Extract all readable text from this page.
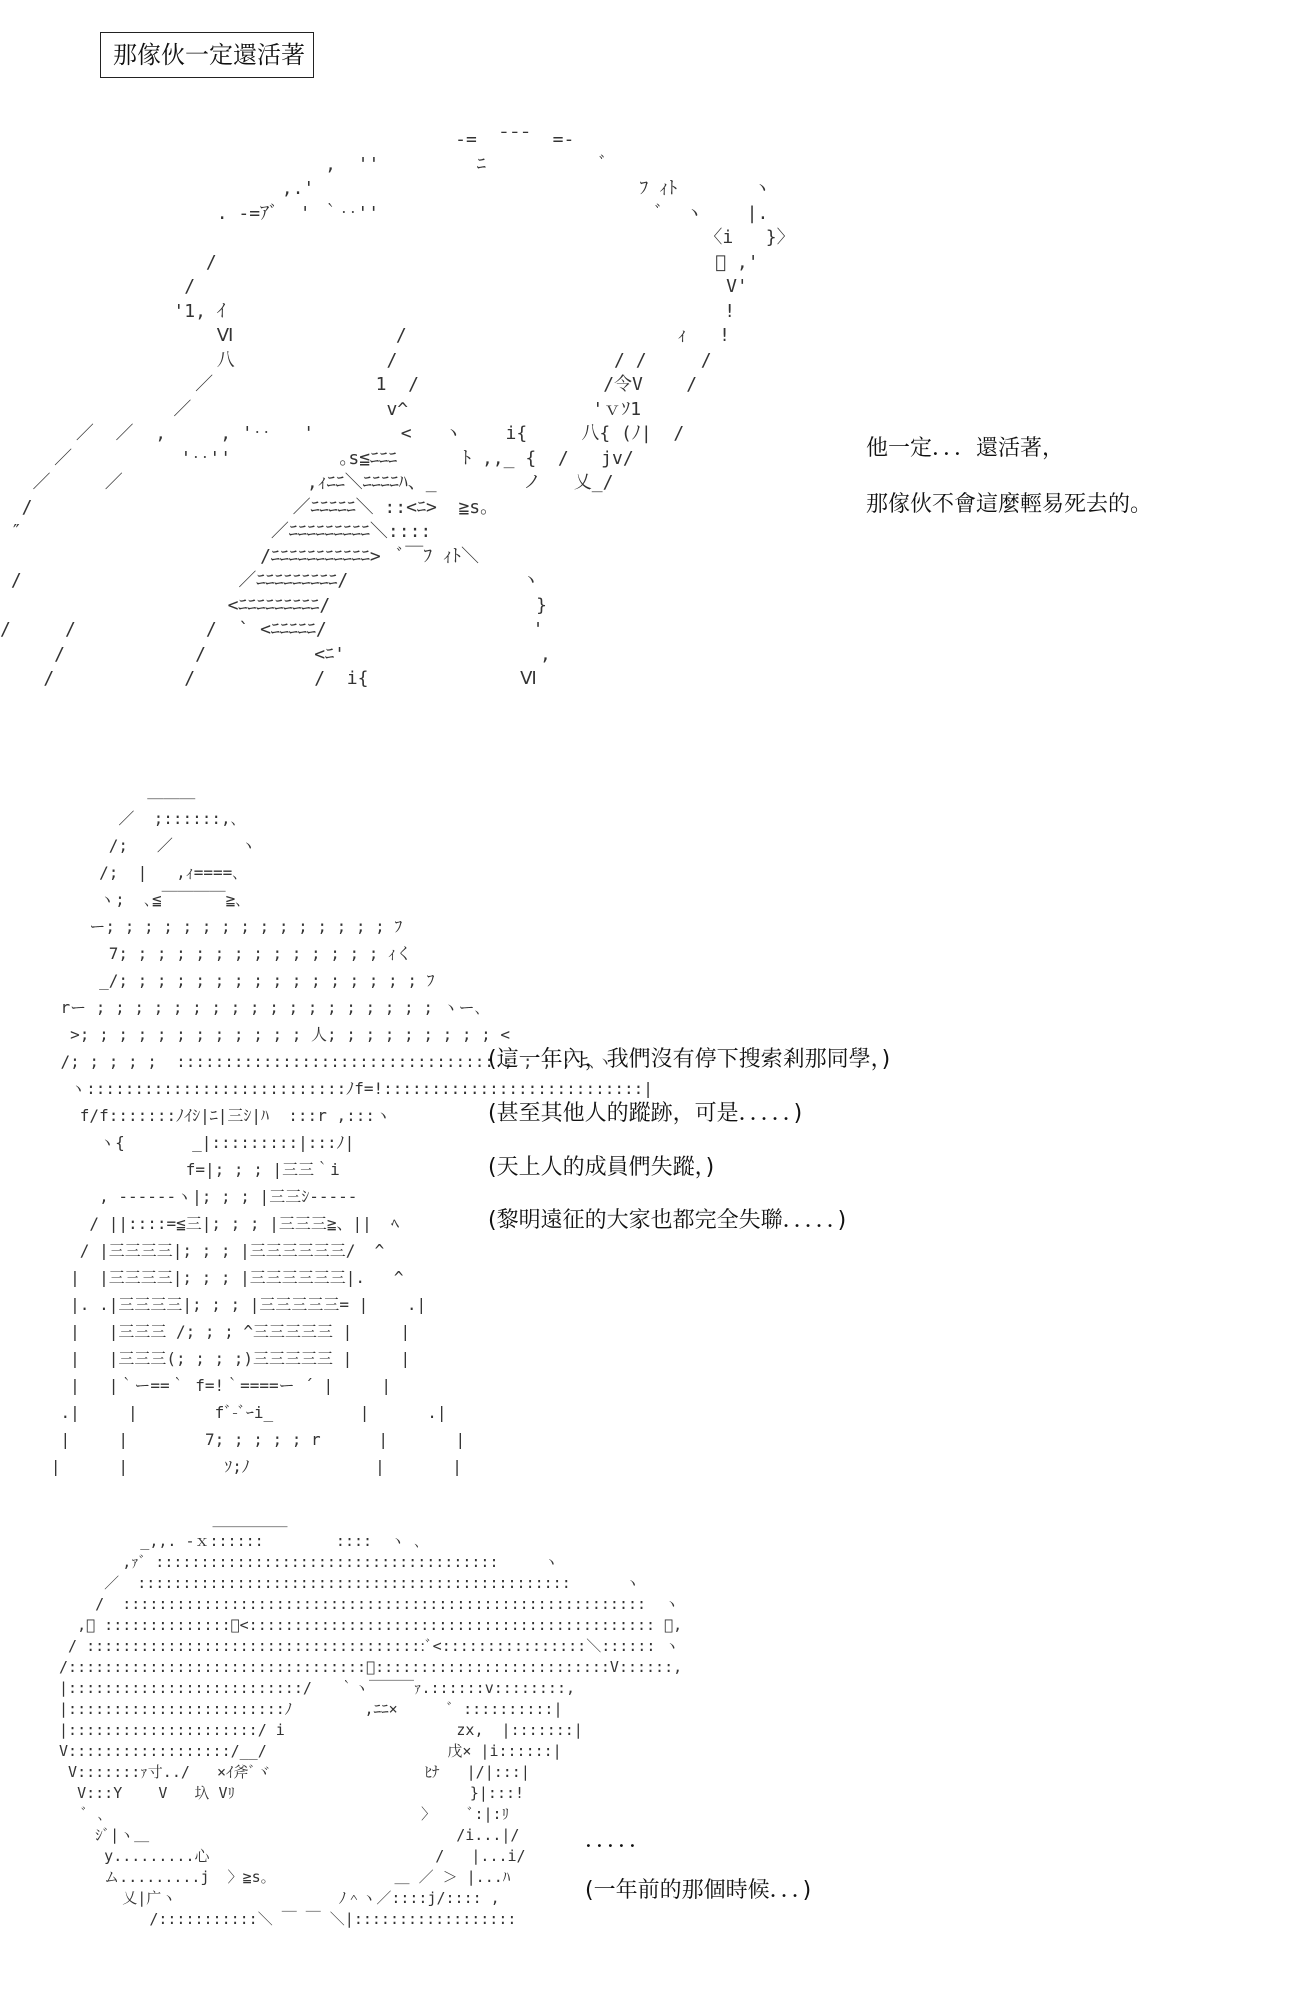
那傢伙一定還活著
-=  ̄ ̄ ̄   =-
,  ''         ﾆ           ﾞ
,.'                              ﾌ ｨﾄ       ヽ
. -=ｱﾞ  ' ｀‥''                          ﾞ  ヽ    |.
〈i   }〉
/                                              ﾞ ,'
/                                                 V'
'1, ｲ                                              !
Ⅵ               /                         ｨ   !
八              /                    / /     /
／               1  /                 /令V    /
／                  v^                 'ｖｿ1
／  ／  ,     , '‥   '        <   ヽ    i{     八{ (ﾉ|  /
／          '‥''          ｡s≦ﾆﾆﾆ      ﾄ ,,_ {  /   jv/
／     ／                 ,ｨﾆﾆ＼ﾆﾆﾆﾆﾊ、_        ノ   乂_/
/                        ／ﾆﾆﾆﾆﾆ＼ ::<ﾆ>  ≧s｡
″                       ／ﾆﾆﾆﾆﾆﾆﾆﾆﾆ＼::::
/ﾆﾆﾆﾆﾆﾆﾆﾆﾆﾆﾆ>  ﾞ￣ﾌ ｨﾄ＼
/                    ／ﾆﾆﾆﾆﾆﾆﾆﾆﾆ/                ヽ
<ﾆﾆﾆﾆﾆﾆﾆﾆﾆ/                   }
/     /            /  ` <ﾆﾆﾆﾆﾆ/                   '
/            /          <ﾆ'                  ,
/            /           /  i{              Ⅵ

＿＿＿
／  ;::::::,､
/;   ／       ヽ
/;  |   ,ｨ====､
ヽ;  ､≦￣￣￣￣≧､
ー; ; ; ; ; ; ; ; ; ; ; ; ; ; ; ﾌ
7; ; ; ; ; ; ; ; ; ; ; ; ; ; ｨく
_/; ; ; ; ; ; ; ; ; ; ; ; ; ; ; ; ﾌ
rー ; ; ; ; ; ; ; ; ; ; ; ; ; ; ; ; ; ; ヽー､
>; ; ; ; ; ; ; ; ; ; ; ; 人; ; ; ; ; ; ; ; ; <
/; ; ; ; ;  ::::::::::::::::::::::::::::::::: ; ; ; ; ﾆ､ヽ
ヽ:::::::::::::::::::::::::::ﾉf=!:::::::::::::::::::::::::::|
f/f:::::::ﾉｲｼ|ﾆ|三ｼ|ﾊ  :::r ,:::ヽ
ヽ{       _|:::::::::|:::ﾉ|
f=|; ; ; |三三｀i
, ------ヽ|; ; ; |三三ｼ-----
/ ||::::=≦三|; ; ; |三三三≧、||  ﾍ
/ |三三三三|; ; ; |三三三三三三/  ^
|  |三三三三|; ; ; |三三三三三三|.   ^
|. .|三三三三|; ; ; |三三三三三= |    .|
|   |三三三 /; ; ; ^三三三三三 |     |
|   |三三三(; ; ; ;)三三三三三 |     |
|   |｀ー==｀ f=!｀====ー ´ |     |
.|     |        fﾞ-ﾞｰi_         |      .|
|     |        7; ; ; ; ; r      |       |
|      |          ｿ;ﾉ             |       |

＿＿＿＿＿
_,,. -ｘ::::::        ::::  ヽ ､
,ｧﾞ ::::::::::::::::::::::::::::::::::::::     ヽ
／  ::::::::::::::::::::::::::::::::::::::::::::::::      ヽ
/  ::::::::::::::::::::::::::::::::::::::::::::::::::::::::::  ヽ
,ﾞ ::::::::::::::ﾞ<::::::::::::::::::::::::::::::::::::::::::::: ﾞ,
/ ::::::::::::::::::::::::::::::::::::::ﾞ<::::::::::::::::＼:::::: ヽ
/:::::::::::::::::::::::::::::::::ﾞ::::::::::::::::::::::::::V::::::,
|::::::::::::::::::::::::::/   ｀ヽ￣￣￣ｧ.::::::v::::::::,
|::::::::::::::::::::::::ﾉ        ,ﾆﾆ×      ﾞ ::::::::::|
|:::::::::::::::::::::/ i                   zx,  |:::::::|
V::::::::::::::::::/__/                    戊× |i::::::|
V:::::::ｧ寸../   ×ｲ斧ﾞヾ                 ﾋﾅ   |/|:::|
V:::Y    V   圦 Vﾘ                          }|:::!
ﾞ ､                                   〉    ﾞ:|:ﾘ
ｼﾞ|ヽ＿                                  /i...|/
y.........心                         /   |...i/
ム.........j  〉≧s｡              ＿ ／ ＞ |...ﾊ
乂|广ヽ                  ﾉ＾ヽ／::::j/:::: ,
/:::::::::::＼ ￣ ￣ ＼|::::::::::::::::::

他一定．．．還活著，

那傢伙不會這麼輕易死去的。

(這一年內，我們沒有停下搜索剎那同學，)

(甚至其他人的蹤跡，可是．．．．．)

(天上人的成員們失蹤，)

(黎明遠征的大家也都完全失聯．．．．．)

．．．．．

(一年前的那個時候．．．)
